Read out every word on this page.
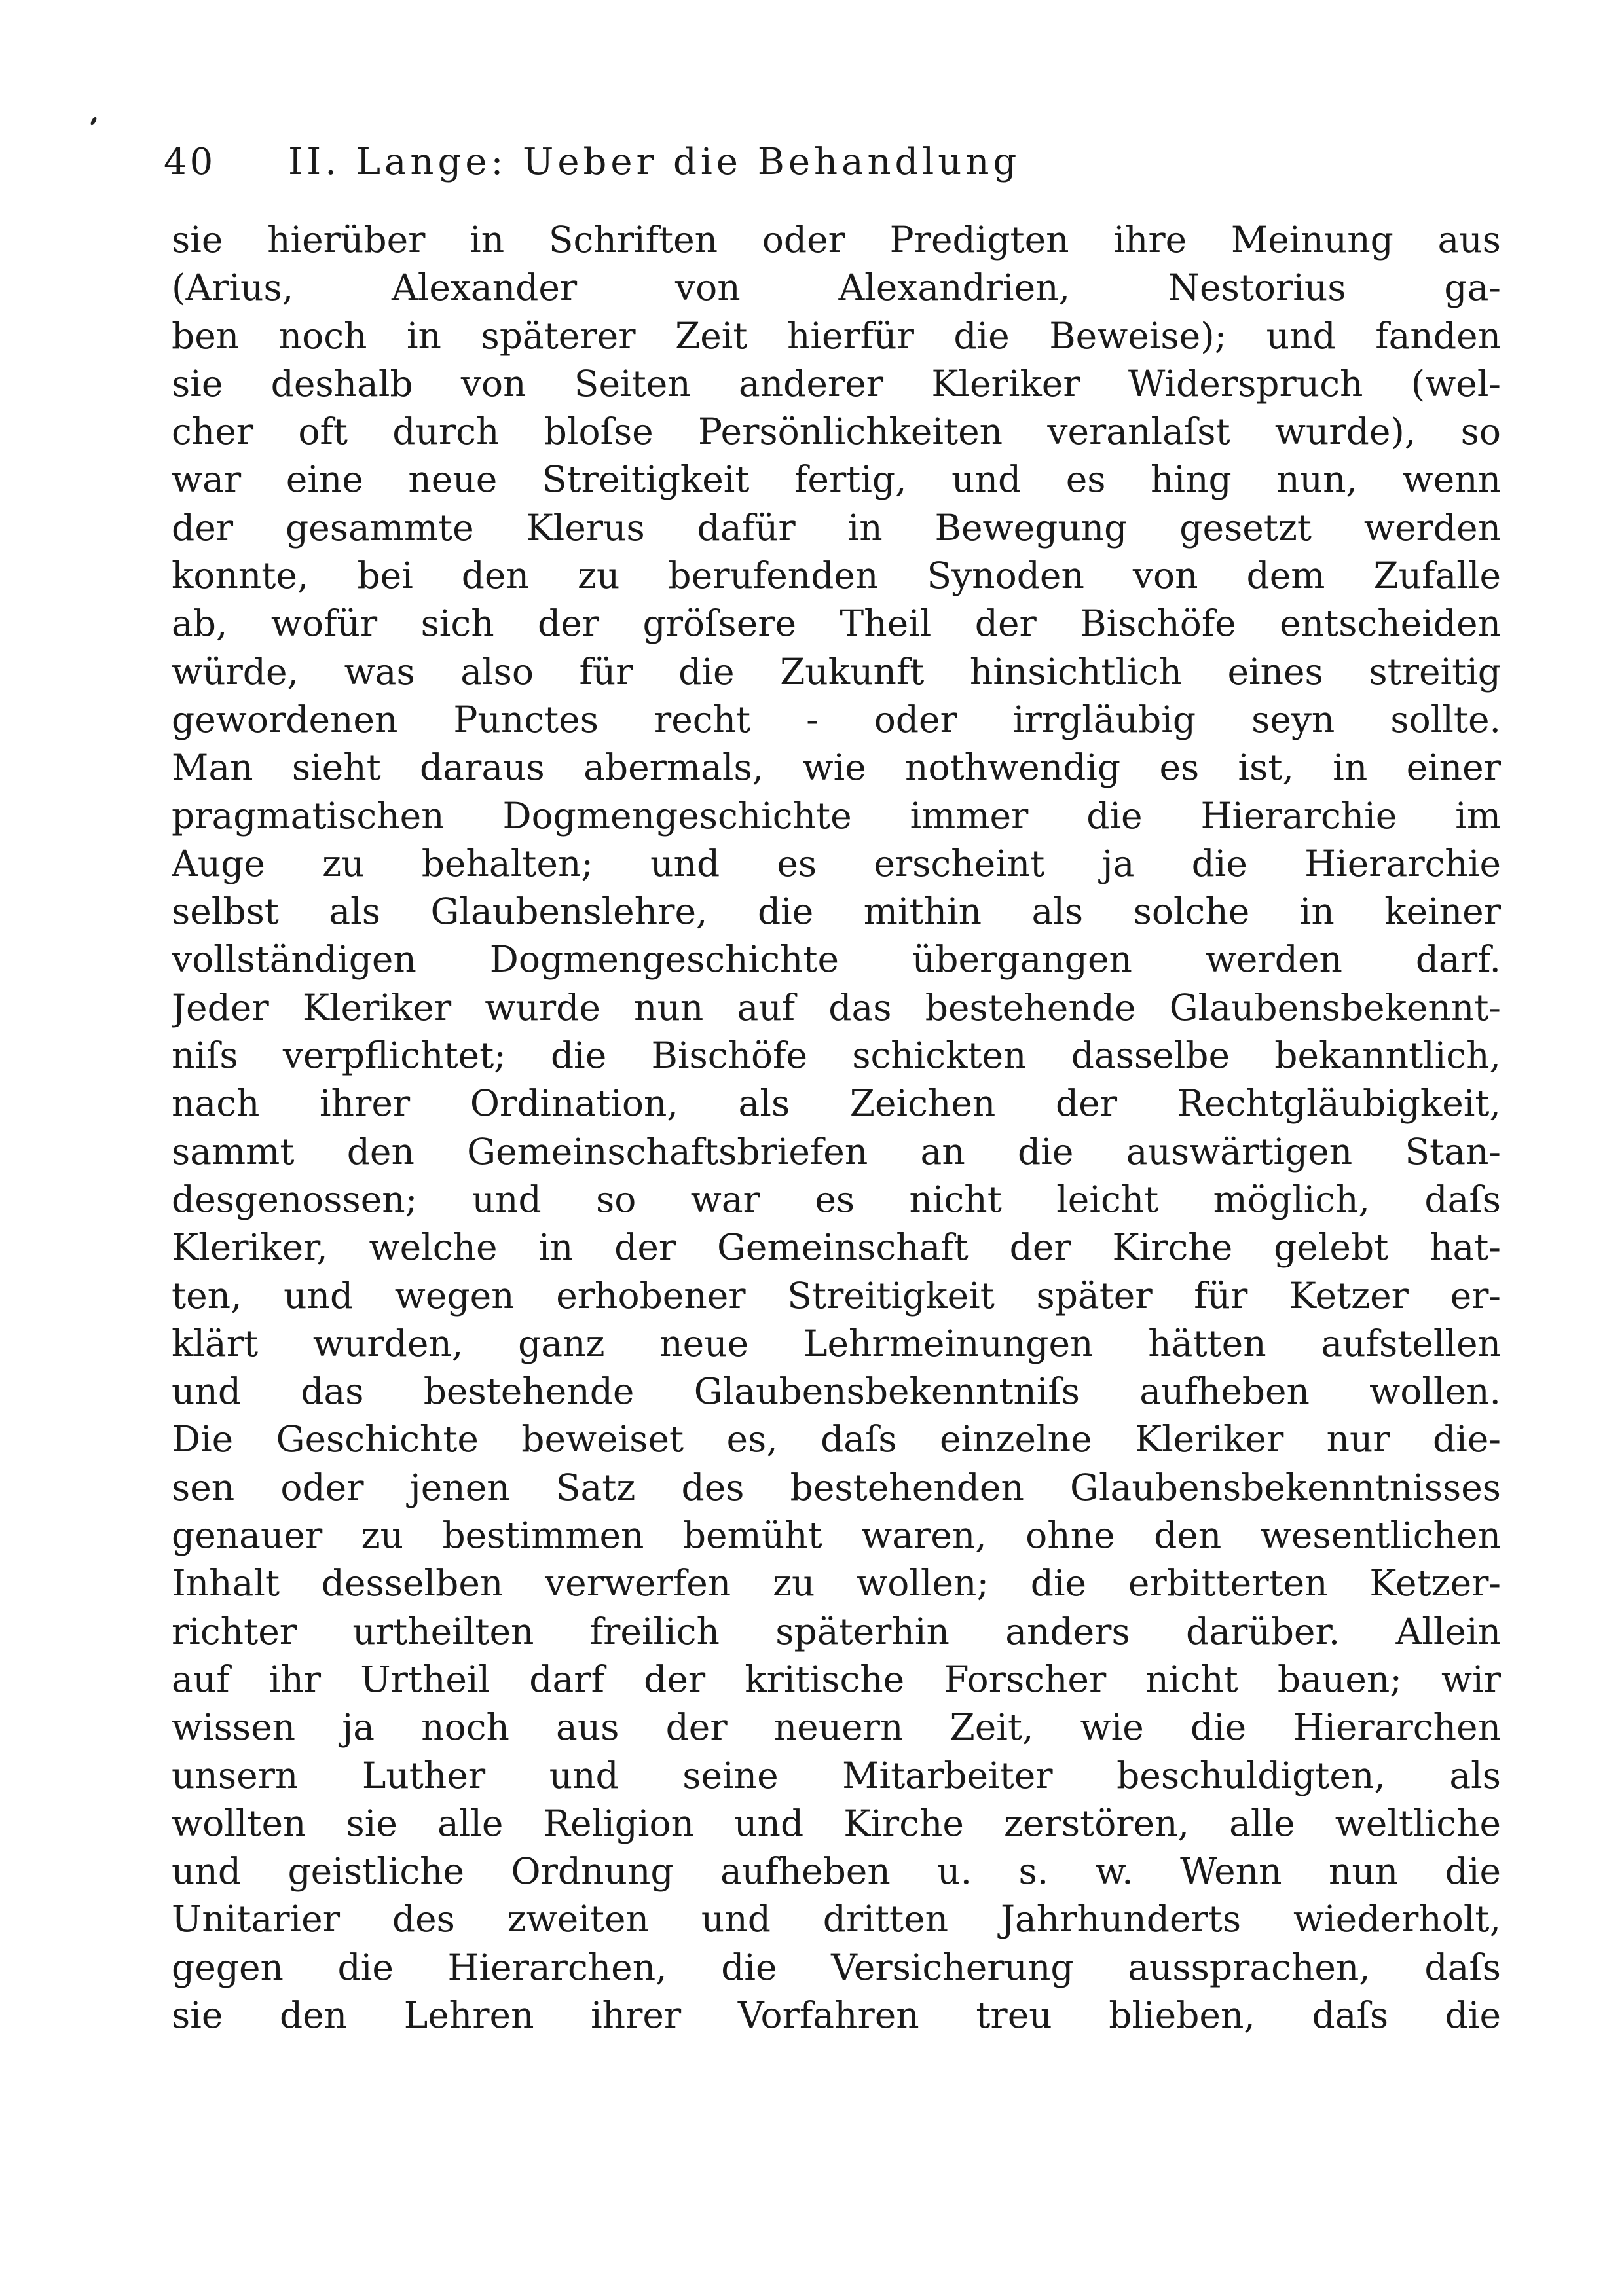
40	II. Lange: Ueber die Behandlung
sie hierüber in Schriften oder Predigten ihre Meinung aus
(Arius, Alexander von Alexandrien, Nestorius ga-
ben noch in späterer Zeit hierfür die Beweise); und fanden
sie deshalb von Seiten anderer Kleriker Widerspruch (wel-
cher oft durch bloſse Persönlichkeiten veranlaſst wurde), so
war eine neue Streitigkeit fertig, und es hing nun, wenn
der gesammte Klerus dafür in Bewegung gesetzt werden
konnte, bei den zu berufenden Synoden von dem Zufalle
ab, wofür sich der gröſsere Theil der Bischöfe entscheiden
würde, was also für die Zukunft hinsichtlich eines streitig
gewordenen Punctes recht - oder irrgläubig seyn sollte.
Man sieht daraus abermals, wie nothwendig es ist, in einer
pragmatischen Dogmengeschichte immer die Hierarchie im
Auge zu behalten; und es erscheint ja die Hierarchie
selbst als Glaubenslehre, die mithin als solche in keiner
vollständigen Dogmengeschichte übergangen werden darf.
Jeder Kleriker wurde nun auf das bestehende Glaubensbekennt-
niſs verpflichtet; die Bischöfe schickten dasselbe bekanntlich,
nach ihrer Ordination, als Zeichen der Rechtgläubigkeit,
sammt den Gemeinschaftsbriefen an die auswärtigen Stan-
desgenossen; und so war es nicht leicht möglich, daſs
Kleriker, welche in der Gemeinschaft der Kirche gelebt hat-
ten, und wegen erhobener Streitigkeit später für Ketzer er-
klärt wurden, ganz neue Lehrmeinungen hätten aufstellen
und das bestehende Glaubensbekenntniſs aufheben wollen.
Die Geschichte beweiset es, daſs einzelne Kleriker nur die-
sen oder jenen Satz des bestehenden Glaubensbekenntnisses
genauer zu bestimmen bemüht waren, ohne den wesentlichen
Inhalt desselben verwerfen zu wollen; die erbitterten Ketzer-
richter urtheilten freilich späterhin anders darüber. Allein
auf ihr Urtheil darf der kritische Forscher nicht bauen; wir
wissen ja noch aus der neuern Zeit, wie die Hierarchen
unsern Luther und seine Mitarbeiter beschuldigten, als
wollten sie alle Religion und Kirche zerstören, alle weltliche
und geistliche Ordnung aufheben u. s. w. Wenn nun die
Unitarier des zweiten und dritten Jahrhunderts wiederholt,
gegen die Hierarchen, die Versicherung aussprachen, daſs
sie den Lehren ihrer Vorfahren treu blieben, daſs die
